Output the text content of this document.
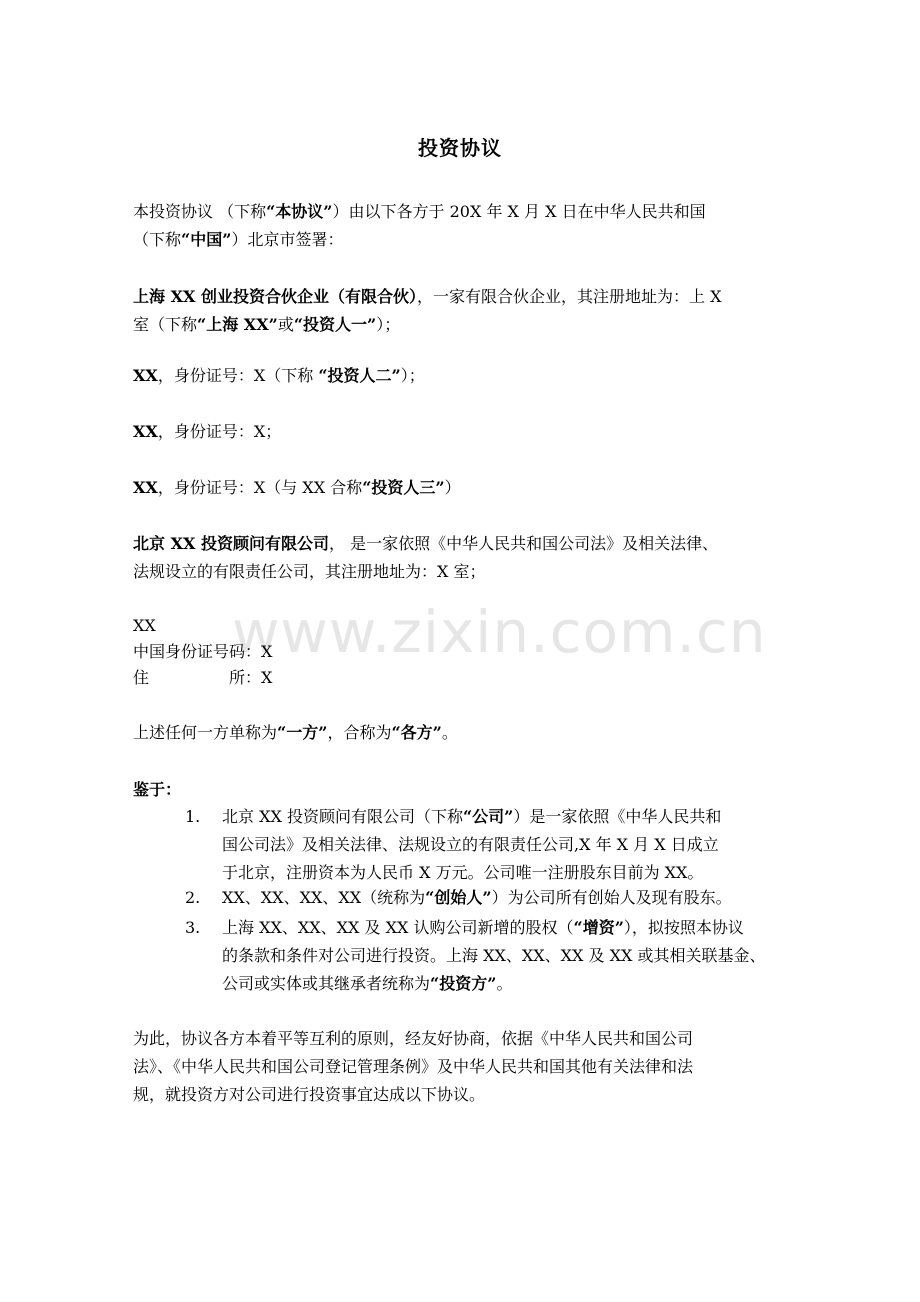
www.zixin.com.cn
投资协议
本投资协议 （下称“本协议”）由以下各方于 20X 年 X 月 X 日在中华人民共和国
（下称“中国”）北京市签署：
上海 XX 创业投资合伙企业（有限合伙），一家有限合伙企业，其注册地址为：上 X
室（下称“上海 XX”或“投资人一”）；
XX，身份证号：X（下称 “投资人二”）；
XX，身份证号：X；
XX，身份证号：X（与 XX 合称“投资人三”）
北京 XX 投资顾问有限公司， 是一家依照《中华人民共和国公司法》及相关法律、
法规设立的有限责任公司，其注册地址为：X 室；
XX
中国身份证号码：X
住	所 ：X
上述任何一方单称为“一方”，合称为“各方”。
鉴于：
1.	北京 XX 投资顾问有限公司（下称“公司”）是一家依照《中华人民共和
国公司法》及相关法律、法规设立的有限责任公司,X 年 X 月 X 日成立
于北京，注册资本为人民币 X 万元。公司唯一注册股东目前为 XX。
2.	XX、XX、XX、XX（统称为“创始人”）为公司所有创始人及现有股东。
3.	上海 XX、XX、XX 及 XX 认购公司新增的股权（“增资”），拟按照本协议
的条款和条件对公司进行投资。上海 XX、XX、XX 及 XX 或其相关联基金、
公司或实体或其继承者统称为“投资方”。
为此，协议各方本着平等互利的原则，经友好协商，依据《中华人民共和国公司
法》、《中华人民共和国公司登记管理条例》及中华人民共和国其他有关法律和法
规，就投资方对公司进行投资事宜达成以下协议。
